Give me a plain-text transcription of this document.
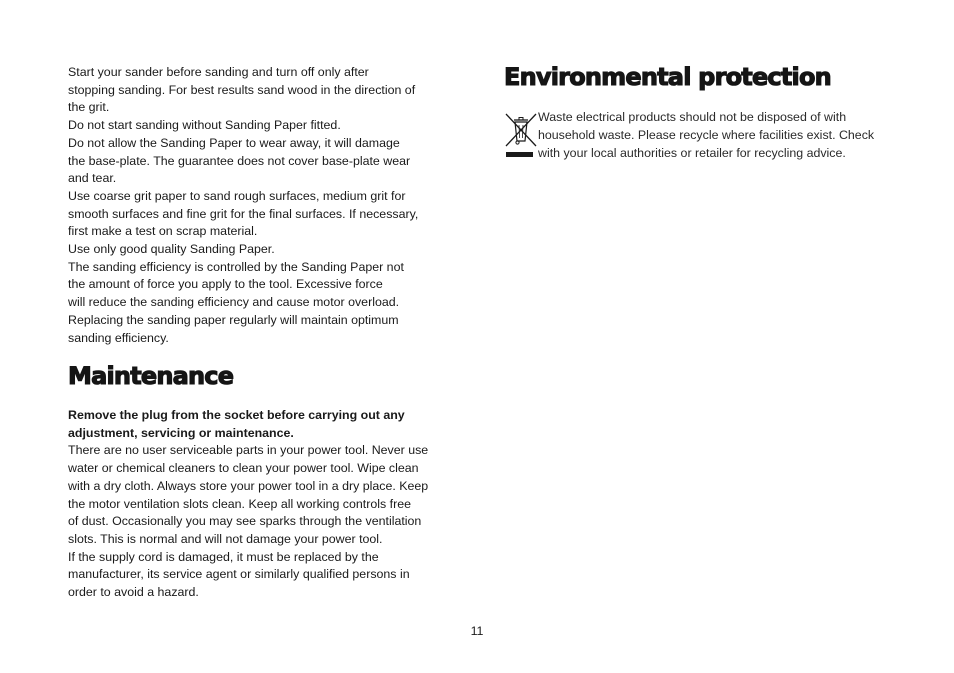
Start your sander before sanding and turn off only after
stopping sanding. For best results sand wood in the direction of
the grit.
Do not start sanding without Sanding Paper fitted.
Do not allow the Sanding Paper to wear away, it will damage
the base-plate. The guarantee does not cover base-plate wear
and tear.
Use coarse grit paper to sand rough surfaces, medium grit for
smooth surfaces and fine grit for the final surfaces. If necessary,
first make a test on scrap material.
Use only good quality Sanding Paper.
The sanding efficiency is controlled by the Sanding Paper not
the amount of force you apply to the tool. Excessive force
will reduce the sanding efficiency and cause motor overload.
Replacing the sanding paper regularly will maintain optimum
sanding efficiency.

Maintenance

Remove the plug from the socket before carrying out any
adjustment, servicing or maintenance.

There are no user serviceable parts in your power tool. Never use
water or chemical cleaners to clean your power tool. Wipe clean
with a dry cloth. Always store your power tool in a dry place. Keep
the motor ventilation slots clean. Keep all working controls free
of dust. Occasionally you may see sparks through the ventilation
slots. This is normal and will not damage your power tool.
If the supply cord is damaged, it must be replaced by the
manufacturer, its service agent or similarly qualified persons in
order to avoid a hazard.

Environmental protection

Waste electrical products should not be disposed of with
household waste. Please recycle where facilities exist. Check
with your local authorities or retailer for recycling advice.

11
